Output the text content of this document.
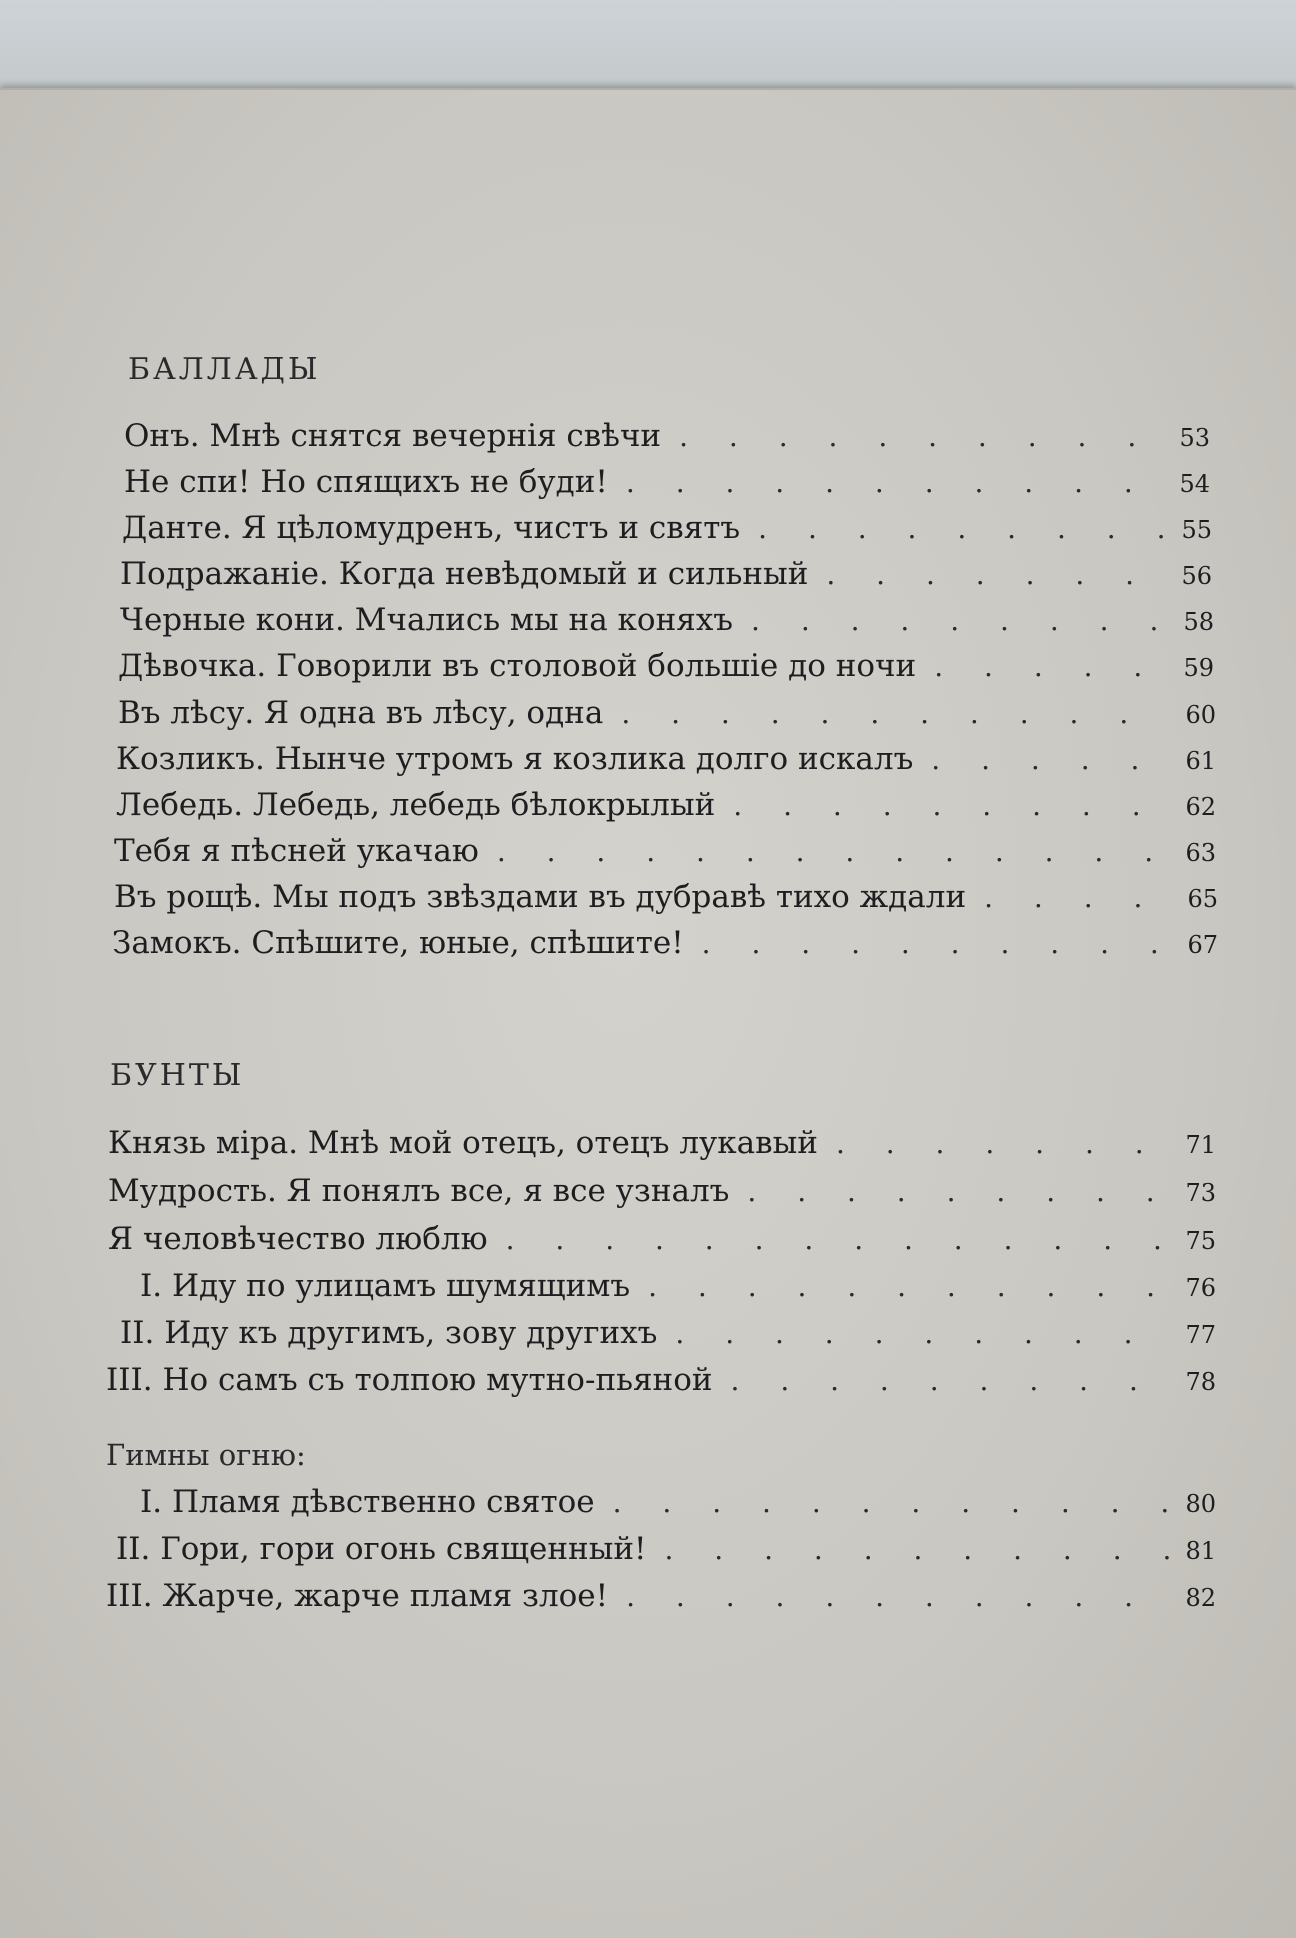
БАЛЛАДЫ
Онъ. Мнѣ снятся вечернія свѣчи . . .	53
Не спи! Но спящихъ не буди! . . .	54
Данте. Я цѣломудренъ, чистъ и святъ . . .	55
Подражаніе. Когда невѣдомый и сильный . . .	56
Черные кони. Мчались мы на коняхъ . . .	58
Дѣвочка. Говорили въ столовой большіе до ночи . . .	59
Въ лѣсу. Я одна въ лѣсу, одна . . .	60
Козликъ. Нынче утромъ я козлика долго искалъ . . .	61
Лебедь. Лебедь, лебедь бѣлокрылый . . .	62
Тебя я пѣсней укачаю . . .	63
Въ рощѣ. Мы подъ звѣздами въ дубравѣ тихо ждали . . .	65
Замокъ. Спѣшите, юные, спѣшите! . . .	67
БУНТЫ
Князь міра. Мнѣ мой отецъ, отецъ лукавый . . .	71
Мудрость. Я понялъ все, я все узналъ . . .	73
Я человѣчество люблю . . .	75
I. Иду по улицамъ шумящимъ . . .	76
II. Иду къ другимъ, зову другихъ . . .	77
III. Но самъ съ толпою мутно-пьяной . . .	78
Гимны огню:
I. Пламя дѣвственно святое . . .	80
II. Гори, гори огонь священный! . . .	81
III. Жарче, жарче пламя злое! . . .	82
